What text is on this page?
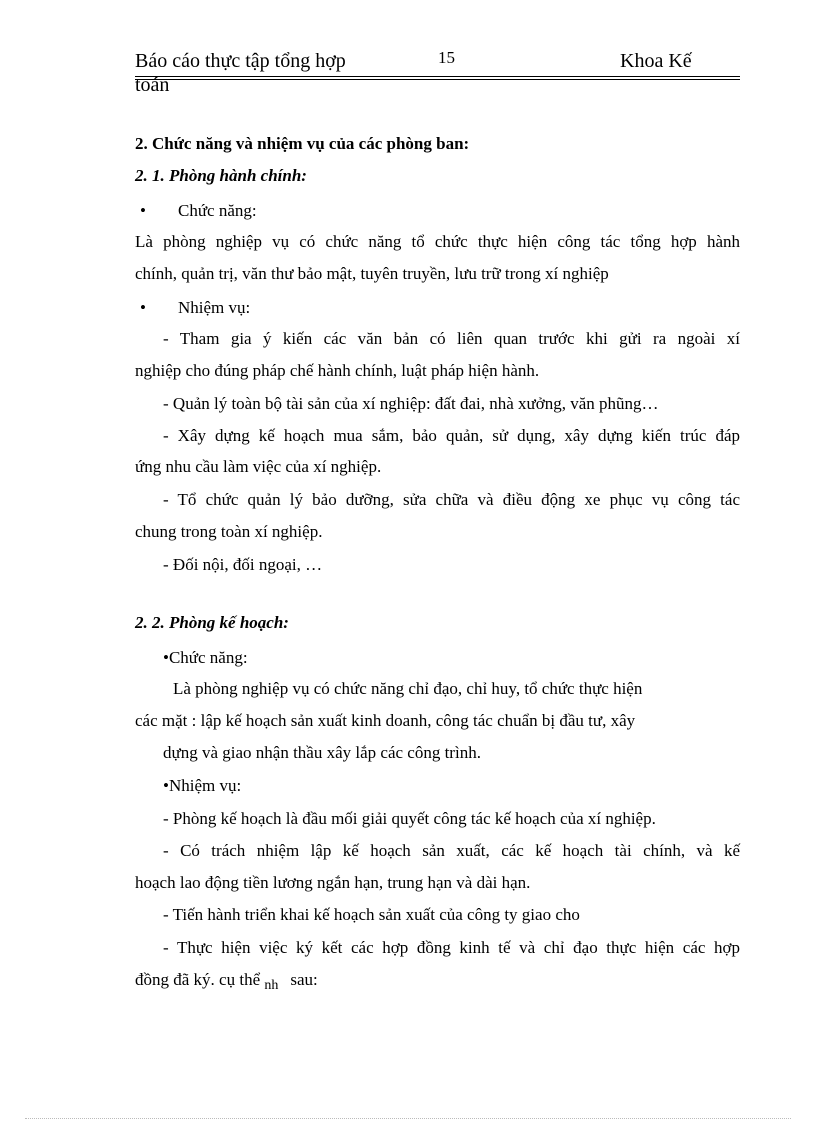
Báo cáo thực tập tổng hợp	15	Khoa Kế
toán
2. Chức năng và nhiệm vụ của các phòng ban:
2. 1. Phòng hành chính:
• Chức năng:
Là phòng nghiệp vụ có chức năng tổ chức thực hiện công tác tổng hợp hành
chính, quản trị, văn thư bảo mật, tuyên truyền, lưu trữ trong xí nghiệp
• Nhiệm vụ:
- Tham gia ý kiến các văn bản có liên quan trước khi gửi ra ngoài xí
nghiệp cho đúng pháp chế hành chính, luật pháp hiện hành.
- Quản lý toàn bộ tài sản của xí nghiệp: đất đai, nhà xưởng, văn phũng…
- Xây dựng kế hoạch mua sắm, bảo quản, sử dụng, xây dựng kiến trúc đáp
ứng nhu cầu làm việc của xí nghiệp.
- Tổ chức quản lý bảo dưỡng, sửa chữa và điều động xe phục vụ công tác
chung trong toàn xí nghiệp.
- Đối nội, đối ngoại, …
2. 2. Phòng kế hoạch:
•Chức năng:
Là phòng nghiệp vụ có chức năng chỉ đạo, chỉ huy, tổ chức thực hiện
các mặt : lập kế hoạch sản xuất kinh doanh, công tác chuẩn bị đầu tư, xây
dựng và giao nhận thầu xây lắp các công trình.
•Nhiệm vụ:
- Phòng kế hoạch là đầu mối giải quyết công tác kế hoạch của xí nghiệp.
- Có trách nhiệm lập kế hoạch sản xuất, các kế hoạch tài chính, và kế
hoạch lao động tiền lương ngắn hạn, trung hạn và dài hạn.
- Tiến hành triển khai kế hoạch sản xuất của công ty giao cho
- Thực hiện việc ký kết các hợp đồng kinh tế và chỉ đạo thực hiện các hợp
đồng đã ký. cụ thể $_{nh}$ sau:
